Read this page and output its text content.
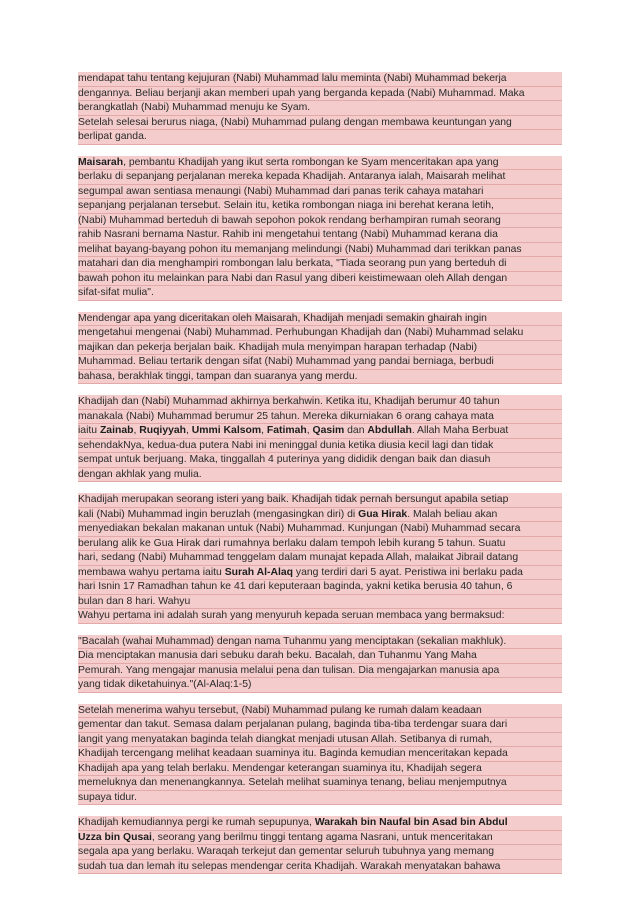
mendapat tahu tentang kejujuran (Nabi) Muhammad lalu meminta (Nabi) Muhammad bekerja
dengannya. Beliau berjanji akan memberi upah yang berganda kepada (Nabi) Muhammad. Maka
berangkatlah (Nabi) Muhammad menuju ke Syam.
Setelah selesai berurus niaga, (Nabi) Muhammad pulang dengan membawa keuntungan yang
berlipat ganda.
Maisarah, pembantu Khadijah yang ikut serta rombongan ke Syam menceritakan apa yang
berlaku di sepanjang perjalanan mereka kepada Khadijah. Antaranya ialah, Maisarah melihat
segumpal awan sentiasa menaungi (Nabi) Muhammad dari panas terik cahaya matahari
sepanjang perjalanan tersebut. Selain itu, ketika rombongan niaga ini berehat kerana letih,
(Nabi) Muhammad berteduh di bawah sepohon pokok rendang berhampiran rumah seorang
rahib Nasrani bernama Nastur. Rahib ini mengetahui tentang (Nabi) Muhammad kerana dia
melihat bayang-bayang pohon itu memanjang melindungi (Nabi) Muhammad dari terikkan panas
matahari dan dia menghampiri rombongan lalu berkata, "Tiada seorang pun yang berteduh di
bawah pohon itu melainkan para Nabi dan Rasul yang diberi keistimewaan oleh Allah dengan
sifat-sifat mulia".
Mendengar apa yang diceritakan oleh Maisarah, Khadijah menjadi semakin ghairah ingin
mengetahui mengenai (Nabi) Muhammad. Perhubungan Khadijah dan (Nabi) Muhammad selaku
majikan dan pekerja berjalan baik. Khadijah mula menyimpan harapan terhadap (Nabi)
Muhammad. Beliau tertarik dengan sifat (Nabi) Muhammad yang pandai berniaga, berbudi
bahasa, berakhlak tinggi, tampan dan suaranya yang merdu.
Khadijah dan (Nabi) Muhammad akhirnya berkahwin. Ketika itu, Khadijah berumur 40 tahun
manakala (Nabi) Muhammad berumur 25 tahun. Mereka dikurniakan 6 orang cahaya mata
iaitu Zainab, Ruqiyyah, Ummi Kalsom, Fatimah, Qasim dan Abdullah. Allah Maha Berbuat
sehendakNya, kedua-dua putera Nabi ini meninggal dunia ketika diusia kecil lagi dan tidak
sempat untuk berjuang. Maka, tinggallah 4 puterinya yang dididik dengan baik dan diasuh
dengan akhlak yang mulia.
Khadijah merupakan seorang isteri yang baik. Khadijah tidak pernah bersungut apabila setiap
kali (Nabi) Muhammad ingin beruzlah (mengasingkan diri) di Gua Hirak. Malah beliau akan
menyediakan bekalan makanan untuk (Nabi) Muhammad. Kunjungan (Nabi) Muhammad secara
berulang alik ke Gua Hirak dari rumahnya berlaku dalam tempoh lebih kurang 5 tahun. Suatu
hari, sedang (Nabi) Muhammad tenggelam dalam munajat kepada Allah, malaikat Jibrail datang
membawa wahyu pertama iaitu Surah Al-Alaq yang terdiri dari 5 ayat. Peristiwa ini berlaku pada
hari Isnin 17 Ramadhan tahun ke 41 dari keputeraan baginda, yakni ketika berusia 40 tahun, 6
bulan dan 8 hari. Wahyu
Wahyu pertama ini adalah surah yang menyuruh kepada seruan membaca yang bermaksud:
"Bacalah (wahai Muhammad) dengan nama Tuhanmu yang menciptakan (sekalian makhluk).
Dia menciptakan manusia dari sebuku darah beku. Bacalah, dan Tuhanmu Yang Maha
Pemurah. Yang mengajar manusia melalui pena dan tulisan. Dia mengajarkan manusia apa
yang tidak diketahuinya."(Al-Alaq:1-5)
Setelah menerima wahyu tersebut, (Nabi) Muhammad pulang ke rumah dalam keadaan
gementar dan takut. Semasa dalam perjalanan pulang, baginda tiba-tiba terdengar suara dari
langit yang menyatakan baginda telah diangkat menjadi utusan Allah. Setibanya di rumah,
Khadijah tercengang melihat keadaan suaminya itu. Baginda kemudian menceritakan kepada
Khadijah apa yang telah berlaku. Mendengar keterangan suaminya itu, Khadijah segera
memeluknya dan menenangkannya. Setelah melihat suaminya tenang, beliau menjemputnya
supaya tidur.
Khadijah kemudiannya pergi ke rumah sepupunya, Warakah bin Naufal bin Asad bin Abdul
Uzza bin Qusai, seorang yang berilmu tinggi tentang agama Nasrani, untuk menceritakan
segala apa yang berlaku. Waraqah terkejut dan gementar seluruh tubuhnya yang memang
sudah tua dan lemah itu selepas mendengar cerita Khadijah. Warakah menyatakan bahawa
